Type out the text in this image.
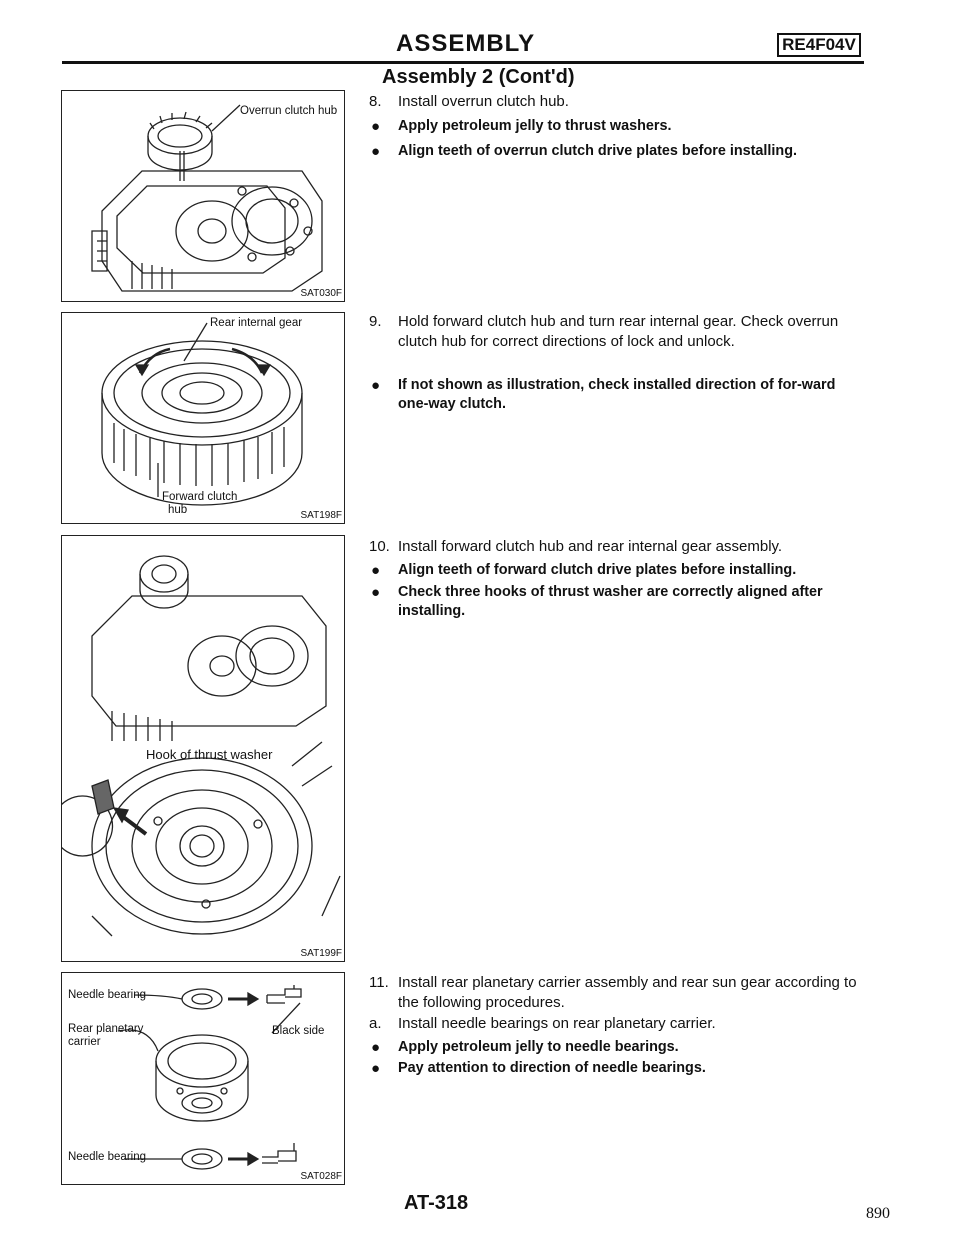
ASSEMBLY	RE4F04V
Assembly 2 (Cont'd)
Overrun clutch hub
SAT030F
Rear internal gear
Forward clutch
hub	SAT198F
Hook of thrust washer
SAT199F
Needle bearing
Rear planetary
carrier
Black side
Needle bearing
SAT028F
8. Install overrun clutch hub.
● Apply petroleum jelly to thrust washers.
● Align teeth of overrun clutch drive plates before installing.
9. Hold forward clutch hub and turn rear internal gear. Check overrun clutch hub for correct directions of lock and unlock.
● If not shown as illustration, check installed direction of for-ward one-way clutch.
10. Install forward clutch hub and rear internal gear assembly.
● Align teeth of forward clutch drive plates before installing.
● Check three hooks of thrust washer are correctly aligned after installing.
11. Install rear planetary carrier assembly and rear sun gear according to the following procedures.
a. Install needle bearings on rear planetary carrier.
● Apply petroleum jelly to needle bearings.
● Pay attention to direction of needle bearings.
AT-318	890
